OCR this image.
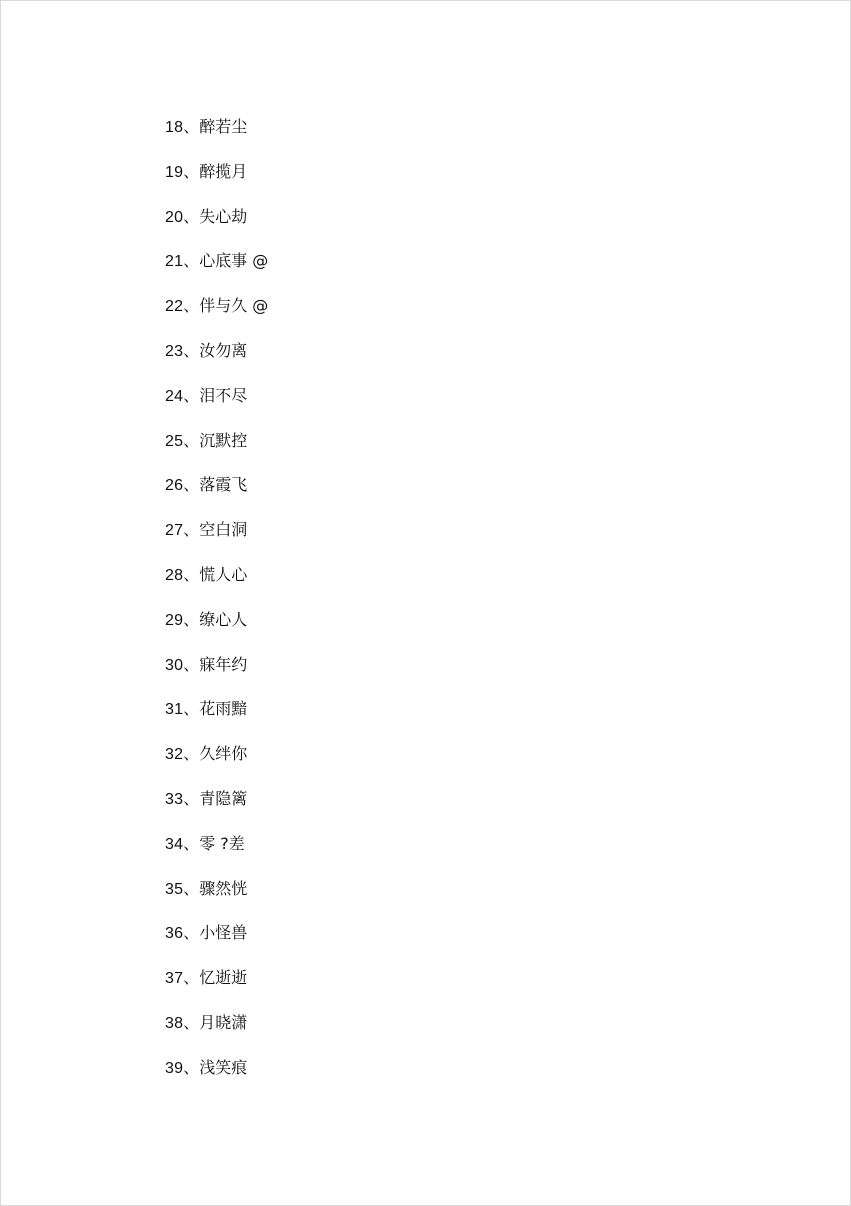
18、醉若尘
19、醉揽月
20、失心劫
21、心底事 @
22、伴与久 @
23、汝勿离
24、泪不尽
25、沉默控
26、落霞飞
27、空白洞
28、慌人心
29、缭心人
30、寐年约
31、花雨黯
32、久绊你
33、青隐篱
34、零 ?差
35、骤然恍
36、小怪兽
37、忆逝逝
38、月晓潇
39、浅笑痕
